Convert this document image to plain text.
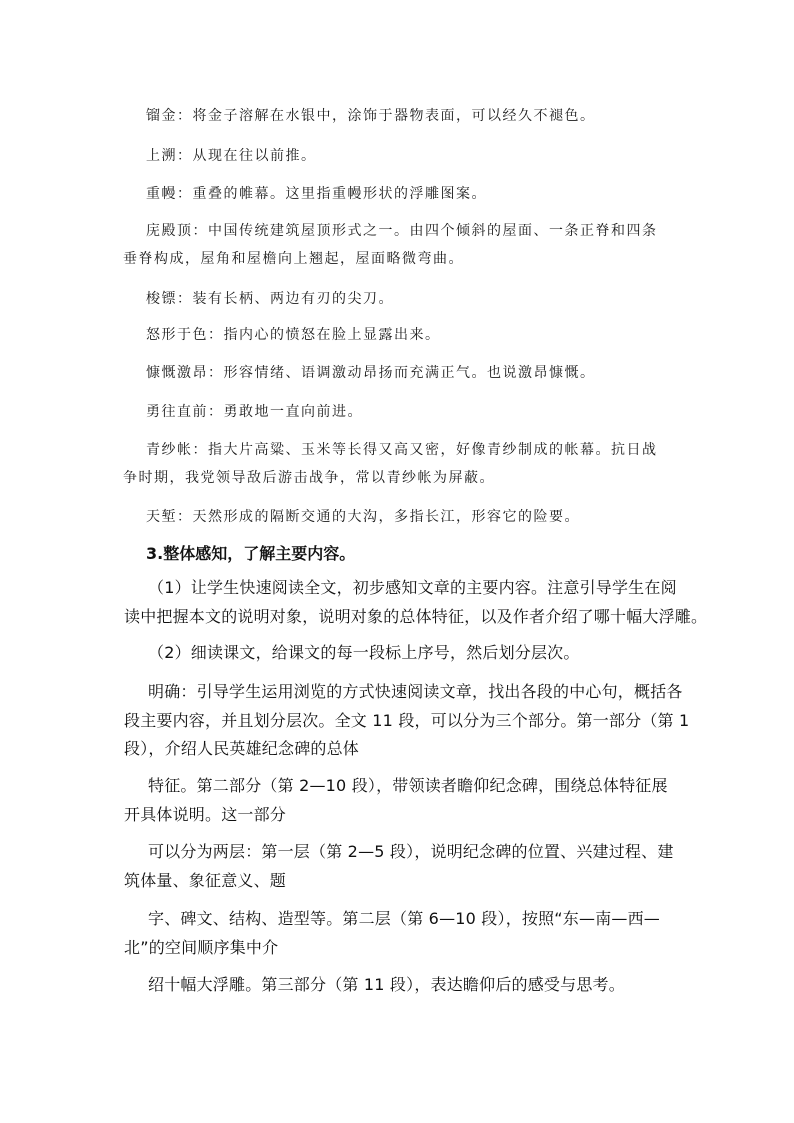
镏金：将金子溶解在水银中，涂饰于器物表面，可以经久不褪色。
上溯：从现在往以前推。
重幔：重叠的帷幕。这里指重幔形状的浮雕图案。
庑殿顶：中国传统建筑屋顶形式之一。由四个倾斜的屋面、一条正脊和四条
垂脊构成，屋角和屋檐向上翘起，屋面略微弯曲。
梭镖：装有长柄、两边有刃的尖刀。
怒形于色：指内心的愤怒在脸上显露出来。
慷慨激昂：形容情绪、语调激动昂扬而充满正气。也说激昂慷慨。
勇往直前：勇敢地一直向前进。
青纱帐：指大片高粱、玉米等长得又高又密，好像青纱制成的帐幕。抗日战
争时期，我党领导敌后游击战争，常以青纱帐为屏蔽。
天堑：天然形成的隔断交通的大沟，多指长江，形容它的险要。
3.整体感知，了解主要内容。
（1）让学生快速阅读全文，初步感知文章的主要内容。注意引导学生在阅
读中把握本文的说明对象，说明对象的总体特征，以及作者介绍了哪十幅大浮雕。
（2）细读课文，给课文的每一段标上序号，然后划分层次。
明确：引导学生运用浏览的方式快速阅读文章，找出各段的中心句，概括各
段主要内容，并且划分层次。全文 11 段，可以分为三个部分。第一部分（第 1
段），介绍人民英雄纪念碑的总体
特征。第二部分（第 2—10 段），带领读者瞻仰纪念碑，围绕总体特征展
开具体说明。这一部分
可以分为两层：第一层（第 2—5 段），说明纪念碑的位置、兴建过程、建
筑体量、象征意义、题
字、碑文、结构、造型等。第二层（第 6—10 段），按照“东—南—西—
北”的空间顺序集中介
绍十幅大浮雕。第三部分（第 11 段），表达瞻仰后的感受与思考。
